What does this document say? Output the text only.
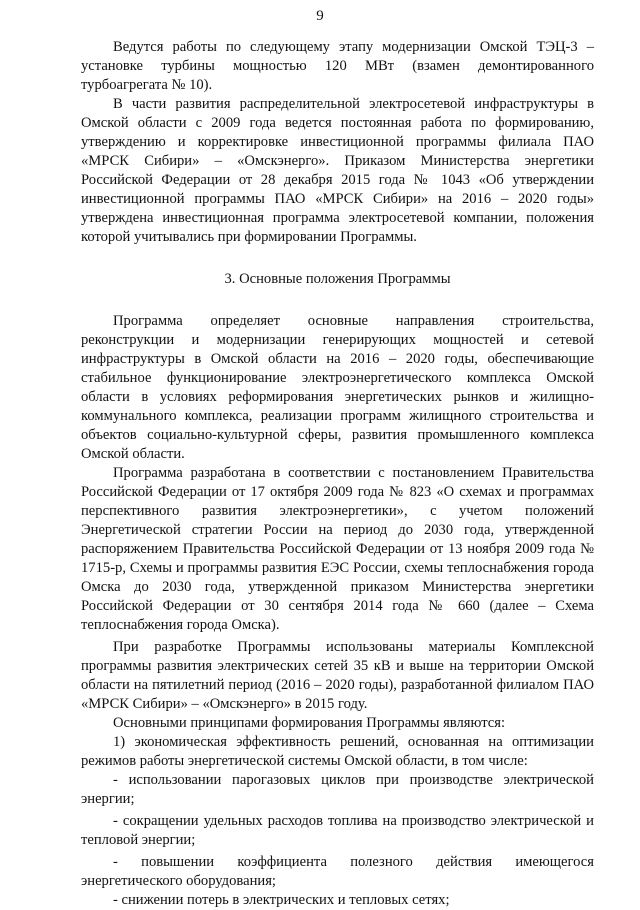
9

Ведутся работы по следующему этапу модернизации Омской ТЭЦ-3 – установке турбины мощностью 120 МВт (взамен демонтированного турбоагрегата № 10).

В части развития распределительной электросетевой инфраструктуры в Омской области с 2009 года ведется постоянная работа по формированию, утверждению и корректировке инвестиционной программы филиала ПАО «МРСК Сибири» – «Омскэнерго». Приказом Министерства энергетики Российской Федерации от 28 декабря 2015 года № 1043 «Об утверждении инвестиционной программы ПАО «МРСК Сибири» на 2016 – 2020 годы» утверждена инвестиционная программа электросетевой компании, положения которой учитывались при формировании Программы.

3. Основные положения Программы

Программа определяет основные направления строительства, реконструкции и модернизации генерирующих мощностей и сетевой инфраструктуры в Омской области на 2016 – 2020 годы, обеспечивающие стабильное функционирование электроэнергетического комплекса Омской области в условиях реформирования энергетических рынков и жилищно-коммунального комплекса, реализации программ жилищного строительства и объектов социально-культурной сферы, развития промышленного комплекса Омской области.

Программа разработана в соответствии с постановлением Правительства Российской Федерации от 17 октября 2009 года № 823 «О схемах и программах перспективного развития электроэнергетики», с учетом положений Энергетической стратегии России на период до 2030 года, утвержденной распоряжением Правительства Российской Федерации от 13 ноября 2009 года № 1715-р, Схемы и программы развития ЕЭС России, схемы теплоснабжения города Омска до 2030 года, утвержденной приказом Министерства энергетики Российской Федерации от 30 сентября 2014 года № 660 (далее – Схема теплоснабжения города Омска).

При разработке Программы использованы материалы Комплексной программы развития электрических сетей 35 кВ и выше на территории Омской области на пятилетний период (2016 – 2020 годы), разработанной филиалом ПАО «МРСК Сибири» – «Омскэнерго» в 2015 году.

Основными принципами формирования Программы являются:

1) экономическая эффективность решений, основанная на оптимизации режимов работы энергетической системы Омской области, в том числе:

- использовании парогазовых циклов при производстве электрической энергии;

- сокращении удельных расходов топлива на производство электрической и тепловой энергии;

- повышении коэффициента полезного действия имеющегося энергетического оборудования;

- снижении потерь в электрических и тепловых сетях;
